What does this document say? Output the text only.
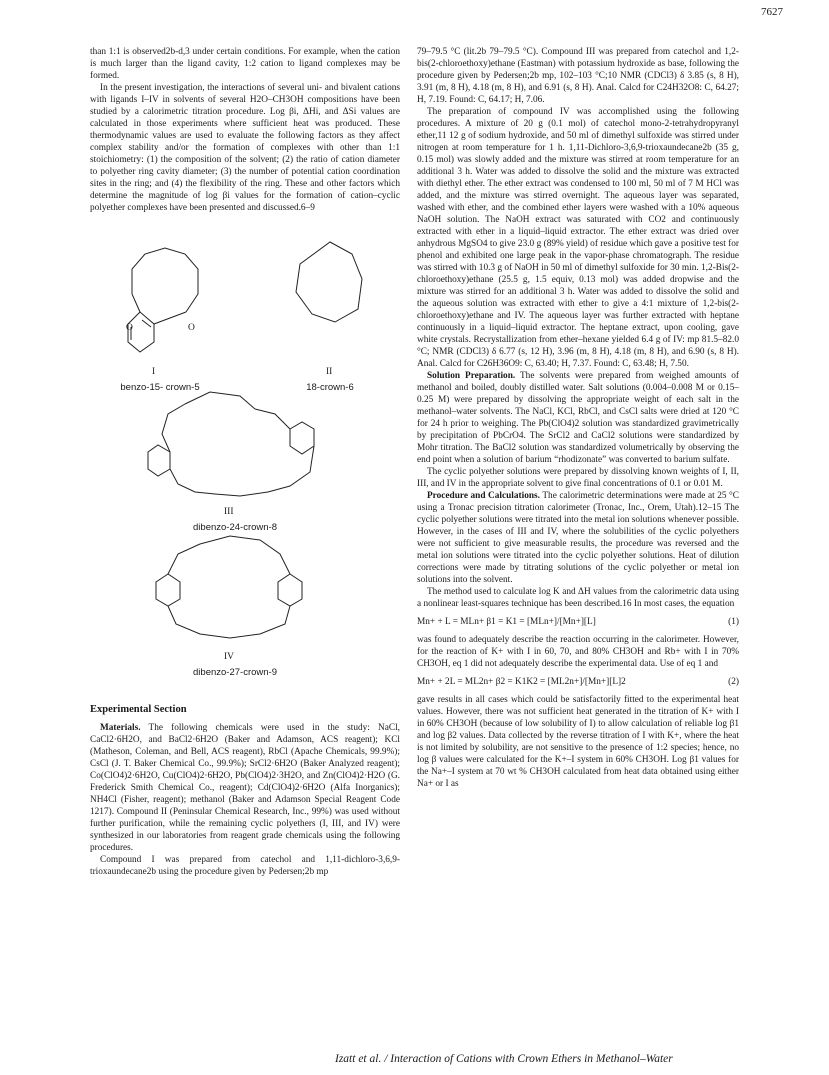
7627

than 1:1 is observed2b-d,3 under certain conditions. For example, when the cation is much larger than the ligand cavity, 1:2 cation to ligand complexes may be formed.

In the present investigation, the interactions of several uni- and bivalent cations with ligands I–IV in solvents of several H2O–CH3OH compositions have been studied by a calorimetric titration procedure. Log βi, ΔHi, and ΔSi values are calculated in those experiments where sufficient heat was produced. These thermodynamic values are used to evaluate the following factors as they affect complex stability and/or the formation of complexes with other than 1:1 stoichiometry: (1) the composition of the solvent; (2) the ratio of cation diameter to polyether ring cavity diameter; (3) the number of potential cation coordination sites in the ring; and (4) the flexibility of the ring. These and other factors which determine the magnitude of log βi values for the formation of cation–cyclic polyether complexes have been presented and discussed.6–9

O	O
I
benzo-15- crown-5
II
18-crown-6
III
dibenzo-24-crown-8
IV
dibenzo-27-crown-9
Experimental Section

Materials. The following chemicals were used in the study: NaCl, CaCl2·6H2O, and BaCl2·6H2O (Baker and Adamson, ACS reagent); KCl (Matheson, Coleman, and Bell, ACS reagent), RbCl (Apache Chemicals, 99.9%); CsCl (J. T. Baker Chemical Co., 99.9%); SrCl2·6H2O (Baker Analyzed reagent); Co(ClO4)2·6H2O, Cu(ClO4)2·6H2O, Pb(ClO4)2·3H2O, and Zn(ClO4)2·H2O (G. Frederick Smith Chemical Co., reagent); Cd(ClO4)2·6H2O (Alfa Inorganics); NH4Cl (Fisher, reagent); methanol (Baker and Adamson Special Reagent Code 1217). Compound II (Peninsular Chemical Research, Inc., 99%) was used without further purification, while the remaining cyclic polyethers (I, III, and IV) were synthesized in our laboratories from reagent grade chemicals using the following procedures.

Compound I was prepared from catechol and 1,11-dichloro-3,6,9-trioxaundecane2b using the procedure given by Pedersen;2b mp

79–79.5 °C (lit.2b 79–79.5 °C). Compound III was prepared from catechol and 1,2-bis(2-chloroethoxy)ethane (Eastman) with potassium hydroxide as base, following the procedure given by Pedersen;2b mp, 102–103 °C;10 NMR (CDCl3) δ 3.85 (s, 8 H), 3.91 (m, 8 H), 4.18 (m, 8 H), and 6.91 (s, 8 H). Anal. Calcd for C24H32O8: C, 64.27; H, 7.19. Found: C, 64.17; H, 7.06.

The preparation of compound IV was accomplished using the following procedures. A mixture of 20 g (0.1 mol) of catechol mono-2-tetrahydropyranyl ether,11 12 g of sodium hydroxide, and 50 ml of dimethyl sulfoxide was stirred under nitrogen at room temperature for 1 h. 1,11-Dichloro-3,6,9-trioxaundecane2b (35 g, 0.15 mol) was slowly added and the mixture was stirred at room temperature for an additional 3 h. Water was added to dissolve the solid and the mixture was extracted with diethyl ether. The ether extract was condensed to 100 ml, 50 ml of 7 M HCl was added, and the mixture was stirred overnight. The aqueous layer was separated, washed with ether, and the combined ether layers were washed with a 10% aqueous NaOH solution. The NaOH extract was saturated with CO2 and continuously extracted with ether in a liquid–liquid extractor. The ether extract was dried over anhydrous MgSO4 to give 23.0 g (89% yield) of residue which gave a positive test for phenol and exhibited one large peak in the vapor-phase chromatograph. The residue was stirred with 10.3 g of NaOH in 50 ml of dimethyl sulfoxide for 30 min. 1,2-Bis(2-chloroethoxy)ethane (25.5 g, 1.5 equiv, 0.13 mol) was added dropwise and the mixture was stirred for an additional 3 h. Water was added to dissolve the solid and the aqueous solution was extracted with ether to give a 4:1 mixture of 1,2-bis(2-chloroethoxy)ethane and IV. The aqueous layer was further extracted with heptane continuously in a liquid–liquid extractor. The heptane extract, upon cooling, gave white crystals. Recrystallization from ether–hexane yielded 6.4 g of IV: mp 81.5–82.0 °C; NMR (CDCl3) δ 6.77 (s, 12 H), 3.96 (m, 8 H), 4.18 (m, 8 H), and 6.90 (s, 8 H). Anal. Calcd for C26H36O9: C, 63.40; H, 7.37. Found: C, 63.48; H, 7.50.

Solution Preparation. The solvents were prepared from weighed amounts of methanol and boiled, doubly distilled water. Salt solutions (0.004–0.008 M or 0.15–0.25 M) were prepared by dissolving the appropriate weight of each salt in the methanol–water solvents. The NaCl, KCl, RbCl, and CsCl salts were dried at 120 °C for 24 h prior to weighing. The Pb(ClO4)2 solution was standardized gravimetrically by precipitation of PbCrO4. The SrCl2 and CaCl2 solutions were standardized by Mohr titration. The BaCl2 solution was standardized volumetrically by observing the end point when a solution of barium “rhodizonate” was converted to barium sulfate.

The cyclic polyether solutions were prepared by dissolving known weights of I, II, III, and IV in the appropriate solvent to give final concentrations of 0.1 or 0.01 M.

Procedure and Calculations. The calorimetric determinations were made at 25 °C using a Tronac precision titration calorimeter (Tronac, Inc., Orem, Utah).12–15 The cyclic polyether solutions were titrated into the metal ion solutions whenever possible. However, in the cases of III and IV, where the solubilities of the cyclic polyethers were not sufficient to give measurable results, the procedure was reversed and the metal ion solutions were titrated into the cyclic polyether solutions. Heat of dilution corrections were made by titrating solutions of the cyclic polyether or metal ion solutions into the solvent.

The method used to calculate log K and ΔH values from the calorimetric data using a nonlinear least-squares technique has been described.16 In most cases, the equation

Mn+ + L = MLn+ β1 = K1 = [MLn+]/[Mn+][L]	(1)

was found to adequately describe the reaction occurring in the calorimeter. However, for the reaction of K+ with I in 60, 70, and 80% CH3OH and Rb+ with I in 70% CH3OH, eq 1 did not adequately describe the experimental data. Use of eq 1 and

Mn+ + 2L = ML2n+ β2 = K1K2 = [ML2n+]/[Mn+][L]2	(2)

gave results in all cases which could be satisfactorily fitted to the experimental heat values. However, there was not sufficient heat generated in the titration of K+ with I in 60% CH3OH (because of low solubility of I) to allow calculation of reliable log β1 and log β2 values. Data collected by the reverse titration of I with K+, where the heat is not limited by solubility, are not sensitive to the presence of 1:2 species; hence, no log β values were calculated for the K+–I system in 60% CH3OH. Log β1 values for the Na+–I system at 70 wt % CH3OH calculated from heat data obtained using either Na+ or I as

Izatt et al. / Interaction of Cations with Crown Ethers in Methanol–Water
